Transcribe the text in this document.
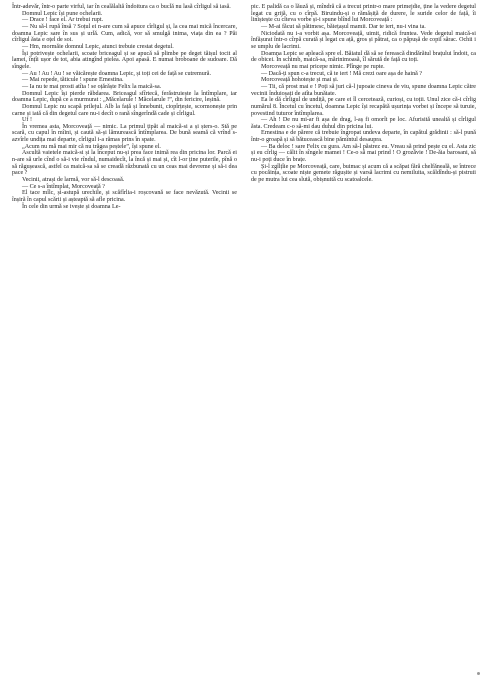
Într-adevăr, într-o parte virful, iar în cealălaltă îndoitura ca o buclă nu lasă cîrligul să iasă.

Domnul Lepic își pune ochelarii.

— Drace ! face el. Ar trebui rupt.

— Nu să-l rupă însă ? Soțul ei n-are cum să apuce cîrligul și, la cea mai mică încercare, doamna Lepic sare în sus și urlă. Cum, adică, vor să smulgă inima, viața din ea ? Păi cîrligul ăsta e oțel de soi.

— Hm, mormăie domnul Lepic, atunci trebuie crestat degetul.

Își potrivește ochelarii, scoate briceagul și se apucă să plimbe pe deget tăișul tocit al lamei, înțîi ușor de tot, abia atingînd pielea. Apoi apasă. E numai broboane de sudoare. Dă sîngele.

— Au ! Au ! Au ! se văicărește doamna Lepic, și toți cei de față se cutremură.

— Mai repede, tăticule ! spune Ernestina.

— Ia nu te mai prosti atîta ! se oțărăște Felix la maică-sa.

Domnul Lepic își pierde răbdarea. Briceagul sfîrtecă, ferăstruiește la întîmplare, iar doamna Lepic, după ce a murmurat : „Măcelarule ! Măcelarule !”, din fericire, leșină.

Domnul Lepic nu scapă prilejul. Alb la față și înnebunit, ciopîrțește, scormonește prin carne și iată că din degetul care nu-i decît o rană sîngerîndă cade și cîrligul.

Uf !

În vremea asta, Morcoveață — nimic. La primul țipăt al maică-si a și șters-o. Stă pe scară, cu capul în mîini, și caută să-și lămurească întîmplarea. De bună seamă că vrînd s-azvîrle undița mai departe, cîrligul i-a rămas prins în spate.

„Acum nu mă mai mir că nu trăgea peștele”, își spune el.

Ascultă vaietele maică-si și la început nu-și prea face inimă rea din pricina lor. Parcă ei n-are să urle cînd o să-i vie rîndul, numaidecît, la încă și mai și, cît l-or ține puterile, pînă o să răgușească, astfel ca maică-sa să se creadă răzbunată cu un ceas mai devreme și să-i dea pace ?

Vecinii, atrași de larmă, vor să-l descoasă.

— Ce s-a întîmplat, Morcoveață ?

El tace mîlc, și-astupă urechile, și scăfîrlia-i roșcovană se face nevăzută. Vecinii se înșiră în capul scării și așteaptă să afle pricina.

În cele din urmă se ivește și doamna Le-

pic. E palidă ca o lăuză și, mîndră că a trecut printr-o mare primejdie, ține la vedere degetul legat cu grijă, cu o cîrpă. Biruindu-și o rămășiță de durere, le suride celor de față, îi liniștește cu cîteva vorbe și-i spune blînd lui Morcoveață :

— M-ai făcut să pătimesc, băiețașul mamii. Dar te iert, nu-i vina ta.

Niciodată nu i-a vorbit așa. Morcoveață, uimit, ridică fruntea. Vede degetul maică-si înfășurat într-o cîrpă curată și legat cu ață, gros și pătrat, ca o păpușă de copil sărac. Ochii i se umplu de lacrimi.

Doamna Lepic se apleacă spre el. Băiatul dă să se ferească dindărătul brațului îndoit, ca de obicei. În schimb, maică-sa, mărinimoasă, îl sărută de față cu toți.

Morcoveață nu mai pricepe nimic. Plînge pe rupte.

— Dacă-ți spun c-a trecut, că te iert ! Mă crezi oare așa de haină ?

Morcoveață hohotește și mai și.

— Tii, că prost mai e ! Poți să juri că-l jupoaie cineva de viu, spune doamna Lepic către vecinii înduioșați de atîta bunătate.

Ea le dă cîrligul de undiță, pe care ei îl cercetează, curioși, cu toții. Unul zice că-i cîrlig numărul 8. Încetul cu încetul, doamna Lepic își recapătă ușurința vorbei și începe să turuie, povestind tuturor întîmplarea.

— Ah ! De nu mi-ar fi așa de drag, l-aș fi omorît pe loc. Afurisită unealtă și cîrligul ăsta. Credeam c-o să-mi dau duhul din pricina lui.

Ernestina e de părere că trebuie îngropat undeva departe, în capătul grădinii : să-l pună într-o groapă și să bătucească bine pămîntul desaupra.

— Ba deloc ! sare Felix cu gura. Am să-l păstrez eu. Vreau să prind pește cu el. Asta zic și eu cîrlig — călit în sîngele mamei ! Ce-o să mai prind ! O grozăvie ! De-ăia barosani, să nu-i poți duce în brațe.

Și-l zgîlțîie pe Morcoveață, care, buimac și acum că a scăpat fără chelfăneală, se întrece cu pocăința, scoate niște gemete răgușite și varsă lacrimi cu nemiluita, scăldîndu-și pistruii de pe mutra lui cea slută, obișnuită cu scatoalcele.
